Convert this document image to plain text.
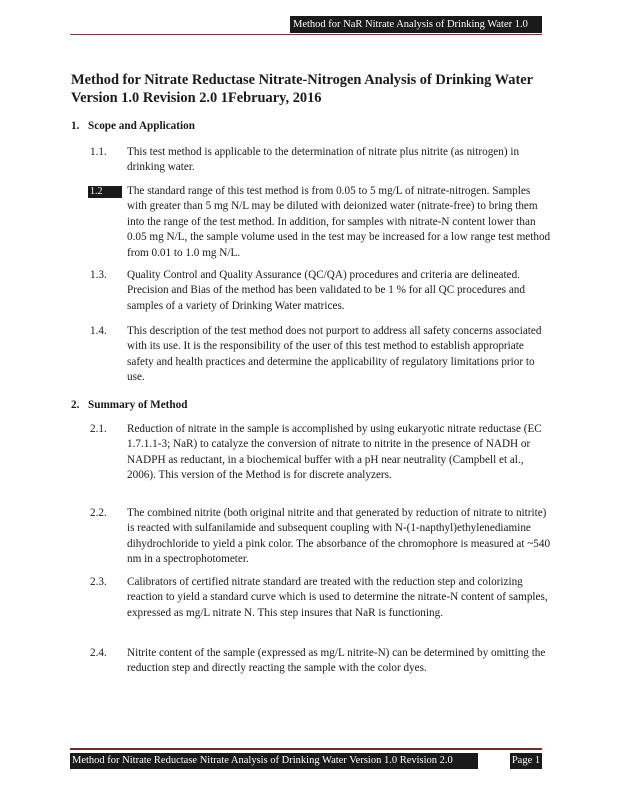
Method for NaR Nitrate Analysis of Drinking Water 1.0
Method for Nitrate Reductase Nitrate-Nitrogen Analysis of Drinking Water
Version 1.0 Revision 2.0 1February, 2016
1. Scope and Application
1.1.	This test method is applicable to the determination of nitrate plus nitrite (as nitrogen) in drinking water.

1.2	The standard range of this test method is from 0.05 to 5 mg/L of nitrate-nitrogen. Samples with greater than 5 mg N/L may be diluted with deionized water (nitrate-free) to bring them into the range of the test method. In addition, for samples with nitrate-N content lower than 0.05 mg N/L, the sample volume used in the test may be increased for a low range test method from 0.01 to 1.0 mg N/L.

1.3.	Quality Control and Quality Assurance (QC/QA) procedures and criteria are delineated. Precision and Bias of the method has been validated to be 1 % for all QC procedures and samples of a variety of Drinking Water matrices.

1.4.	This description of the test method does not purport to address all safety concerns associated with its use. It is the responsibility of the user of this test method to establish appropriate safety and health practices and determine the applicability of regulatory limitations prior to use.

2. Summary of Method
2.1.	Reduction of nitrate in the sample is accomplished by using eukaryotic nitrate reductase (EC 1.7.1.1-3; NaR) to catalyze the conversion of nitrate to nitrite in the presence of NADH or NADPH as reductant, in a biochemical buffer with a pH near neutrality (Campbell et al., 2006). This version of the Method is for discrete analyzers.

2.2.	The combined nitrite (both original nitrite and that generated by reduction of nitrate to nitrite) is reacted with sulfanilamide and subsequent coupling with N-(1-napthyl)ethylenediamine dihydrochloride to yield a pink color. The absorbance of the chromophore is measured at ~540 nm in a spectrophotometer.

2.3.	Calibrators of certified nitrate standard are treated with the reduction step and colorizing reaction to yield a standard curve which is used to determine the nitrate-N content of samples, expressed as mg/L nitrate N. This step insures that NaR is functioning.

2.4.	Nitrite content of the sample (expressed as mg/L nitrite-N) can be determined by omitting the reduction step and directly reacting the sample with the color dyes.

Method for Nitrate Reductase Nitrate Analysis of Drinking Water Version 1.0 Revision 2.0	Page 1
